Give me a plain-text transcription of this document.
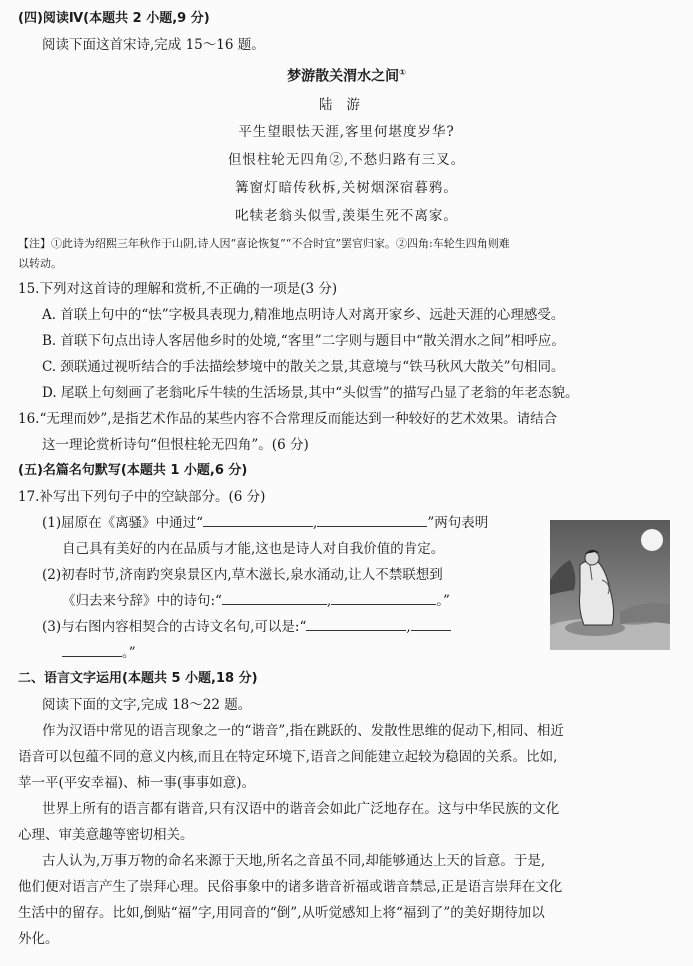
(四)阅读Ⅳ(本题共 2 小题,9 分)
阅读下面这首宋诗,完成 15～16 题。
梦游散关渭水之间①
陆游
平生望眼怯天涯,客里何堪度岁华?
但恨柱轮无四角②,不愁归路有三叉。
篝窗灯暗传秋柝,关树烟深宿暮鸦。
叱犊老翁头似雪,羡渠生死不离家。
【注】①此诗为绍熙三年秋作于山阴,诗人因“喜论恢复”“不合时宜”罢官归家。②四角:车轮生四角则难
以转动。
15.下列对这首诗的理解和赏析,不正确的一项是(3 分)
A. 首联上句中的“怯”字极具表现力,精准地点明诗人对离开家乡、远赴天涯的心理感受。
B. 首联下句点出诗人客居他乡时的处境,“客里”二字则与题目中“散关渭水之间”相呼应。
C. 颈联通过视听结合的手法描绘梦境中的散关之景,其意境与“铁马秋风大散关”句相同。
D. 尾联上句刻画了老翁叱斥牛犊的生活场景,其中“头似雪”的描写凸显了老翁的年老态貌。
16.“无理而妙”,是指艺术作品的某些内容不合常理反而能达到一种较好的艺术效果。请结合
这一理论赏析诗句“但恨柱轮无四角”。(6 分)
(五)名篇名句默写(本题共 1 小题,6 分)
17.补写出下列句子中的空缺部分。(6 分)
(1)屈原在《离骚》中通过“	,	”两句表明
自己具有美好的内在品质与才能,这也是诗人对自我价值的肯定。
(2)初春时节,济南趵突泉景区内,草木滋长,泉水涌动,让人不禁联想到
《归去来兮辞》中的诗句:“	,	。”
(3)与右图内容相契合的古诗文名句,可以是:“	,
。”
二、语言文字运用(本题共 5 小题,18 分)
阅读下面的文字,完成 18～22 题。
作为汉语中常见的语言现象之一的“谐音”,指在跳跃的、发散性思维的促动下,相同、相近
语音可以包蕴不同的意义内核,而且在特定环境下,语音之间能建立起较为稳固的关系。比如,
苹一平(平安幸福)、柿一事(事事如意)。
世界上所有的语言都有谐音,只有汉语中的谐音会如此广泛地存在。这与中华民族的文化
心理、审美意趣等密切相关。
古人认为,万事万物的命名来源于天地,所名之音虽不同,却能够通达上天的旨意。于是,
他们便对语言产生了崇拜心理。民俗事象中的诸多谐音祈福或谐音禁忌,正是语言崇拜在文化
生活中的留存。比如,倒贴“福”字,用同音的“倒”,从听觉感知上将“福到了”的美好期待加以
外化。
